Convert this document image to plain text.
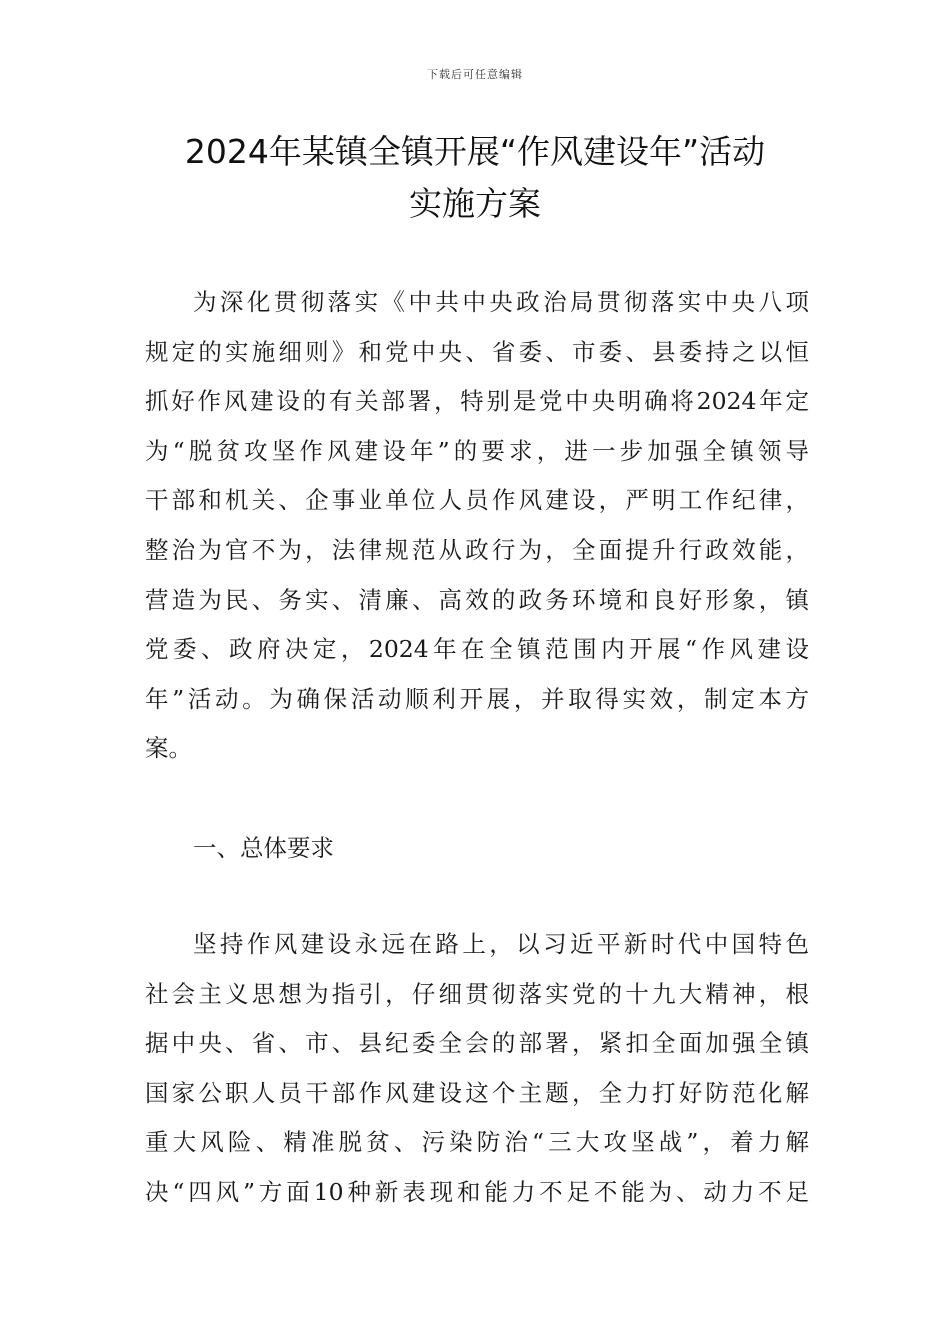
下载后可任意编辑
2024年某镇全镇开展“作风建设年”活动
实施方案
为深化贯彻落实《中共中央政治局贯彻落实中央八项
规定的实施细则》和党中央、省委、市委、县委持之以恒
抓好作风建设的有关部署，特别是党中央明确将2024年定
为“脱贫攻坚作风建设年”的要求，进一步加强全镇领导
干部和机关、企事业单位人员作风建设，严明工作纪律，
整治为官不为，法律规范从政行为，全面提升行政效能，
营造为民、务实、清廉、高效的政务环境和良好形象，镇
党委、政府决定，2024年在全镇范围内开展“作风建设
年”活动。为确保活动顺利开展，并取得实效，制定本方
案。
一、总体要求
坚持作风建设永远在路上，以习近平新时代中国特色
社会主义思想为指引，仔细贯彻落实党的十九大精神，根
据中央、省、市、县纪委全会的部署，紧扣全面加强全镇
国家公职人员干部作风建设这个主题，全力打好防范化解
重大风险、精准脱贫、污染防治“三大攻坚战”，着力解
决“四风”方面10种新表现和能力不足不能为、动力不足
